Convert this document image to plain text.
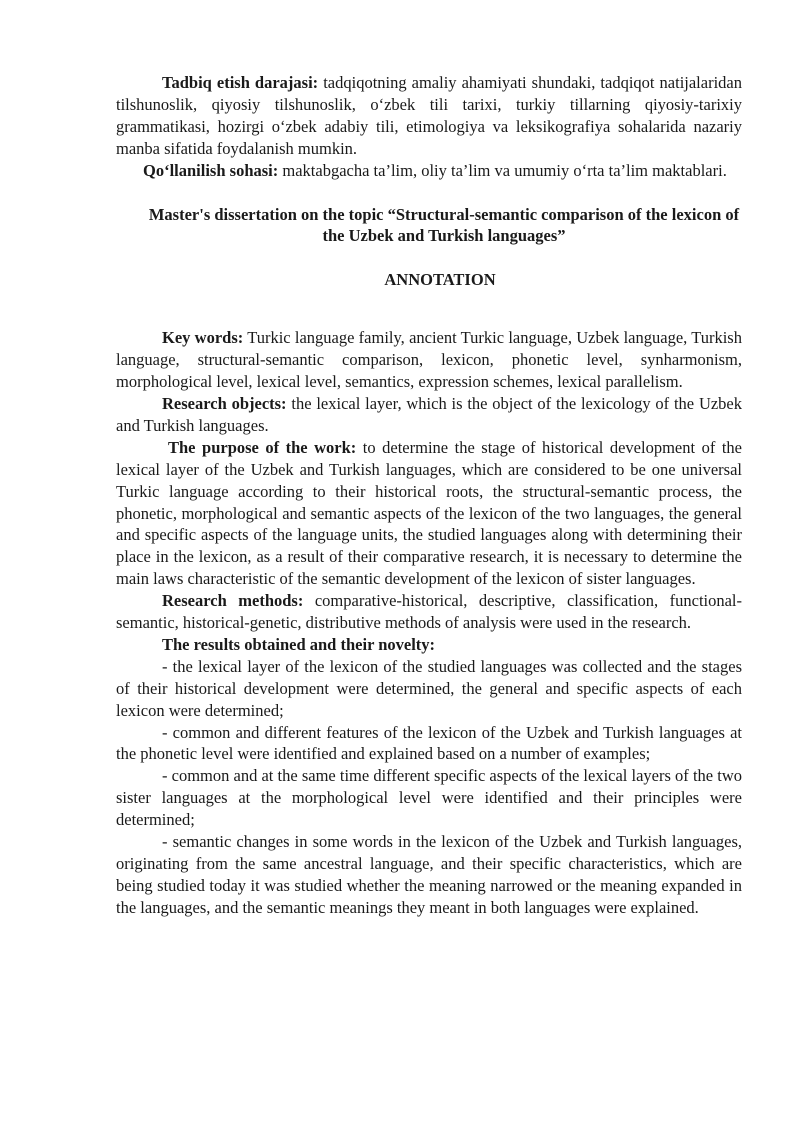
Tadbiq etish darajasi: tadqiqotning amaliy ahamiyati shundaki, tadqiqot natijalaridan tilshunoslik, qiyosiy tilshunoslik, o‘zbek tili tarixi, turkiy tillarning qiyosiy-tarixiy grammatikasi, hozirgi o‘zbek adabiy tili, etimologiya va leksikografiya sohalarida nazariy manba sifatida foydalanish mumkin.

Qo‘llanilish sohasi: maktabgacha ta’lim, oliy ta’lim va umumiy o‘rta ta’lim maktablari.

Master's dissertation on the topic “Structural-semantic comparison of the lexicon of the Uzbek and Turkish languages”

ANNOTATION

Key words: Turkic language family, ancient Turkic language, Uzbek language, Turkish language, structural-semantic comparison, lexicon, phonetic level, synharmonism, morphological level, lexical level, semantics, expression schemes, lexical parallelism.

Research objects: the lexical layer, which is the object of the lexicology of the Uzbek and Turkish languages.

The purpose of the work: to determine the stage of historical development of the lexical layer of the Uzbek and Turkish languages, which are considered to be one universal Turkic language according to their historical roots, the structural-semantic process, the phonetic, morphological and semantic aspects of the lexicon of the two languages, the general and specific aspects of the language units, the studied languages along with determining their place in the lexicon, as a result of their comparative research, it is necessary to determine the main laws characteristic of the semantic development of the lexicon of sister languages.

Research methods: comparative-historical, descriptive, classification, functional-semantic, historical-genetic, distributive methods of analysis were used in the research.

The results obtained and their novelty:

- the lexical layer of the lexicon of the studied languages was collected and the stages of their historical development were determined, the general and specific aspects of each lexicon were determined;

- common and different features of the lexicon of the Uzbek and Turkish languages at the phonetic level were identified and explained based on a number of examples;

- common and at the same time different specific aspects of the lexical layers of the two sister languages at the morphological level were identified and their principles were determined;

- semantic changes in some words in the lexicon of the Uzbek and Turkish languages, originating from the same ancestral language, and their specific characteristics, which are being studied today it was studied whether the meaning narrowed or the meaning expanded in the languages, and the semantic meanings they meant in both languages were explained.
